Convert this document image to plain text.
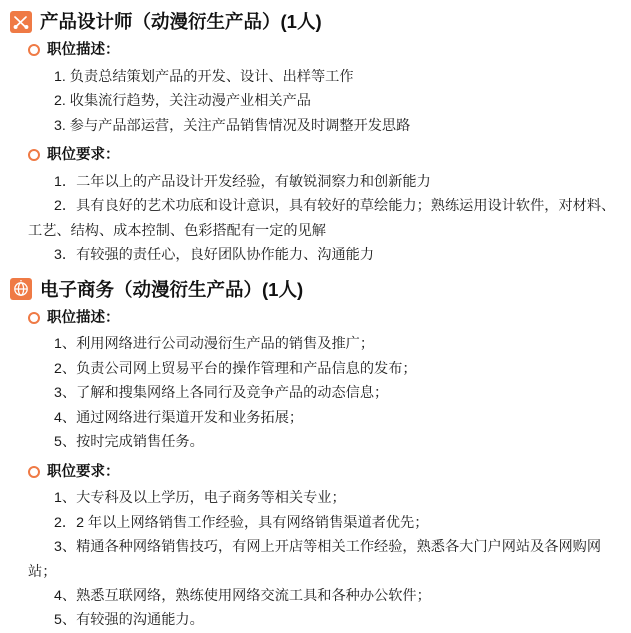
产品设计师（动漫衍生产品）(1人)
职位描述：
1. 负责总结策划产品的开发、设计、出样等工作
2. 收集流行趋势，关注动漫产业相关产品
3. 参与产品部运营，关注产品销售情况及时调整开发思路
职位要求：
1．二年以上的产品设计开发经验，有敏锐洞察力和创新能力
2．具有良好的艺术功底和设计意识，具有较好的草绘能力；熟练运用设计软件，对材料、工艺、结构、成本控制、色彩搭配有一定的见解
3．有较强的责任心，良好团队协作能力、沟通能力
电子商务（动漫衍生产品）(1人)
职位描述：
1、利用网络进行公司动漫衍生产品的销售及推广；
2、负责公司网上贸易平台的操作管理和产品信息的发布；
3、了解和搜集网络上各同行及竞争产品的动态信息；
4、通过网络进行渠道开发和业务拓展；
5、按时完成销售任务。
职位要求：
1、大专科及以上学历，电子商务等相关专业；
2．2 年以上网络销售工作经验，具有网络销售渠道者优先；
3、精通各种网络销售技巧，有网上开店等相关工作经验，熟悉各大门户网站及各网购网站；
4、熟悉互联网络，熟练使用网络交流工具和各种办公软件；
5、有较强的沟通能力。
